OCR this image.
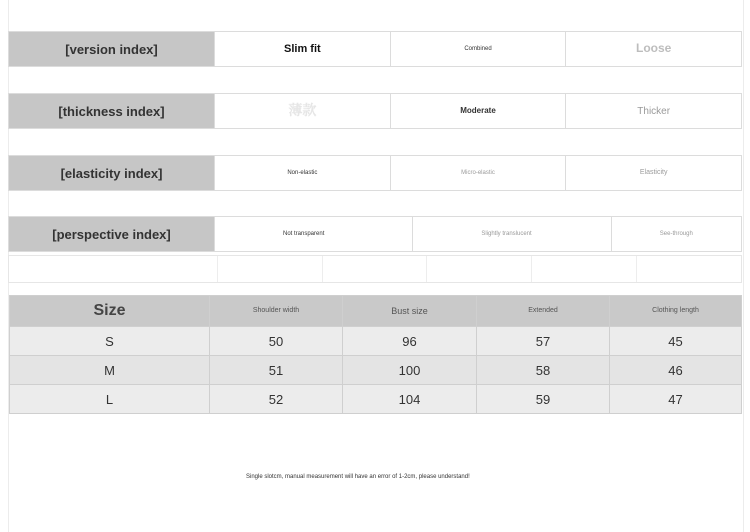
[version index]	Slim fit	Combined	Loose
[thickness index]	薄款	Moderate	Thicker
[elasticity index]	Non-elastic	Micro-elastic	Elasticity
[perspective index]	Not transparent	Slightly translucent	See-through
Size	Shoulder width	Bust size	Extended	Clothing length
S	50	96	57	45
M	51	100	58	46
L	52	104	59	47
Single slotcm, manual measurement will have an error of 1-2cm, please understand!
